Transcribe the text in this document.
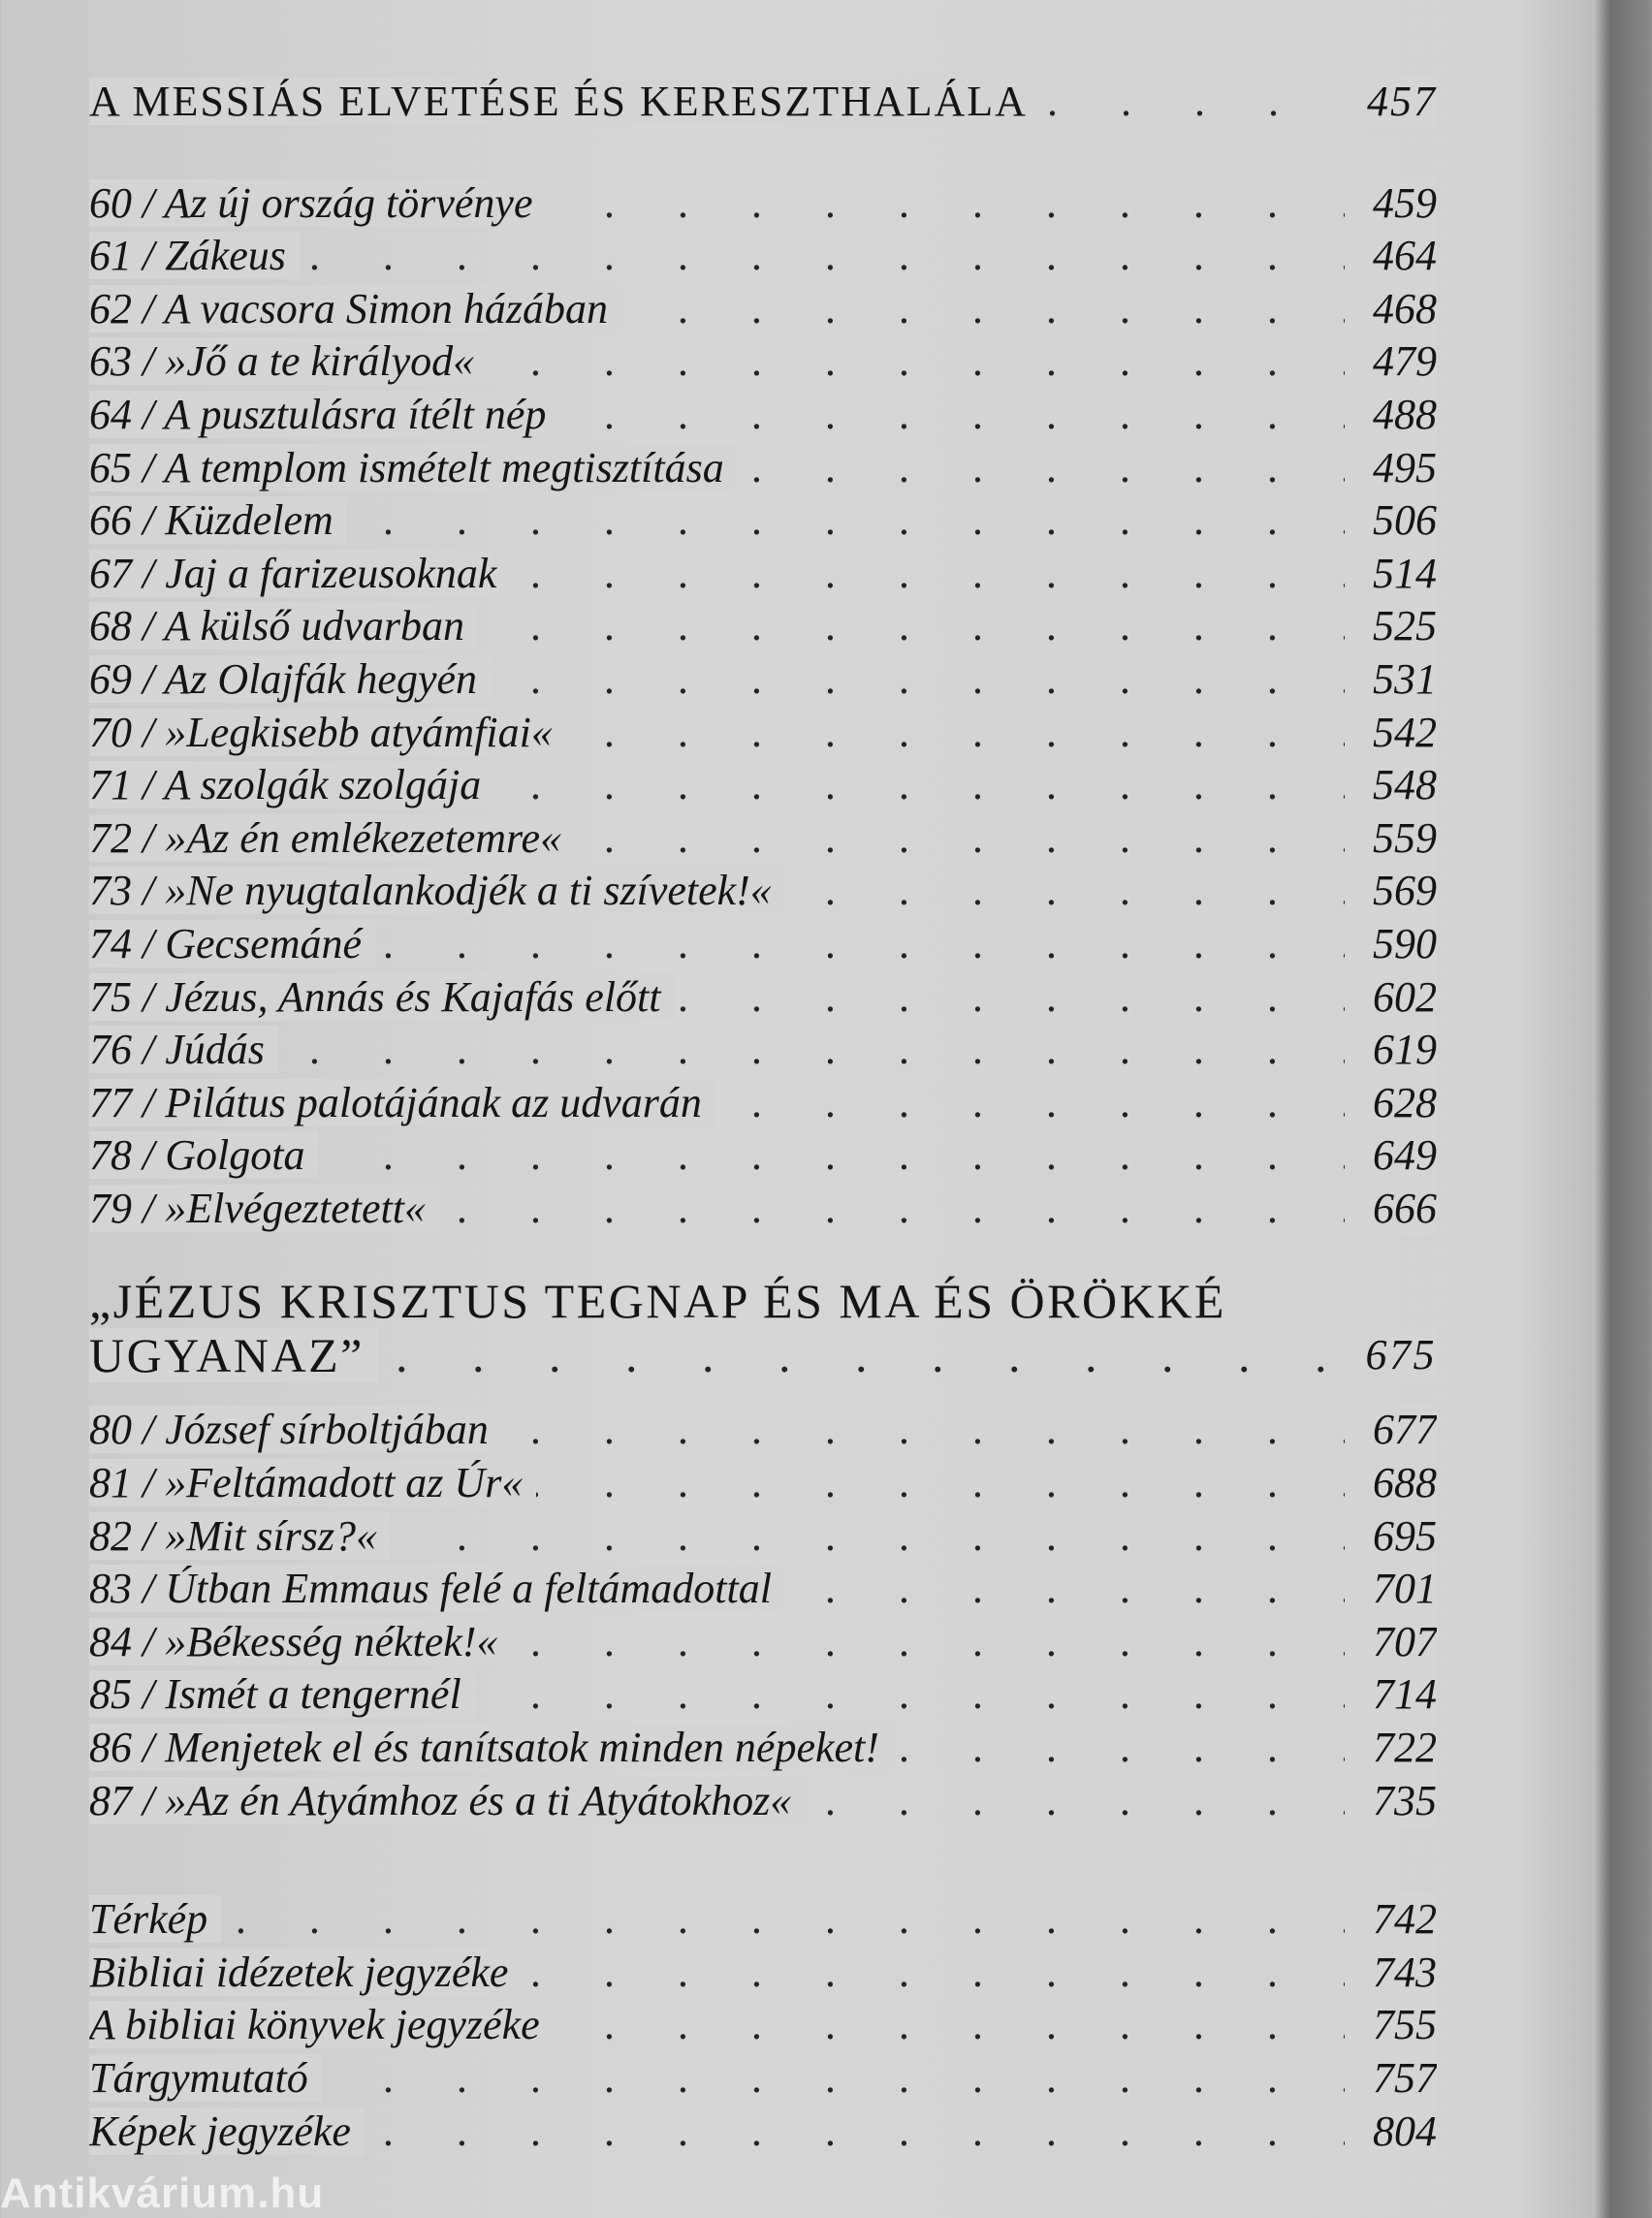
A MESSIÁS ELVETÉSE ÉS KERESZTHALÁLA . . .	457
60 / Az új ország törvénye . . .	459
61 / Zákeus . . .	464
62 / A vacsora Simon házában . . .	468
63 / »Jő a te királyod« . . .	479
64 / A pusztulásra ítélt nép . . .	488
65 / A templom ismételt megtisztítása . . .	495
66 / Küzdelem . . .	506
67 / Jaj a farizeusoknak . . .	514
68 / A külső udvarban . . .	525
69 / Az Olajfák hegyén . . .	531
70 / »Legkisebb atyámfiai« . . .	542
71 / A szolgák szolgája . . .	548
72 / »Az én emlékezetemre« . . .	559
73 / »Ne nyugtalankodjék a ti szívetek!« . . .	569
74 / Gecsemáné . . .	590
75 / Jézus, Annás és Kajafás előtt . . .	602
76 / Júdás . . .	619
77 / Pilátus palotájának az udvarán . . .	628
78 / Golgota . . .	649
79 / »Elvégeztetett« . . .	666
„JÉZUS KRISZTUS TEGNAP ÉS MA ÉS ÖRÖKKÉ
UGYANAZ” . . .	675
80 / József sírboltjában . . .	677
81 / »Feltámadott az Úr« . . .	688
82 / »Mit sírsz?« . . .	695
83 / Útban Emmaus felé a feltámadottal . . .	701
84 / »Békesség néktek!« . . .	707
85 / Ismét a tengernél . . .	714
86 / Menjetek el és tanítsatok minden népeket! . . .	722
87 / »Az én Atyámhoz és a ti Atyátokhoz« . . .	735
Térkép . . .	742
Bibliai idézetek jegyzéke . . .	743
A bibliai könyvek jegyzéke . . .	755
Tárgymutató . . .	757
Képek jegyzéke . . .	804
Antikvárium.hu
